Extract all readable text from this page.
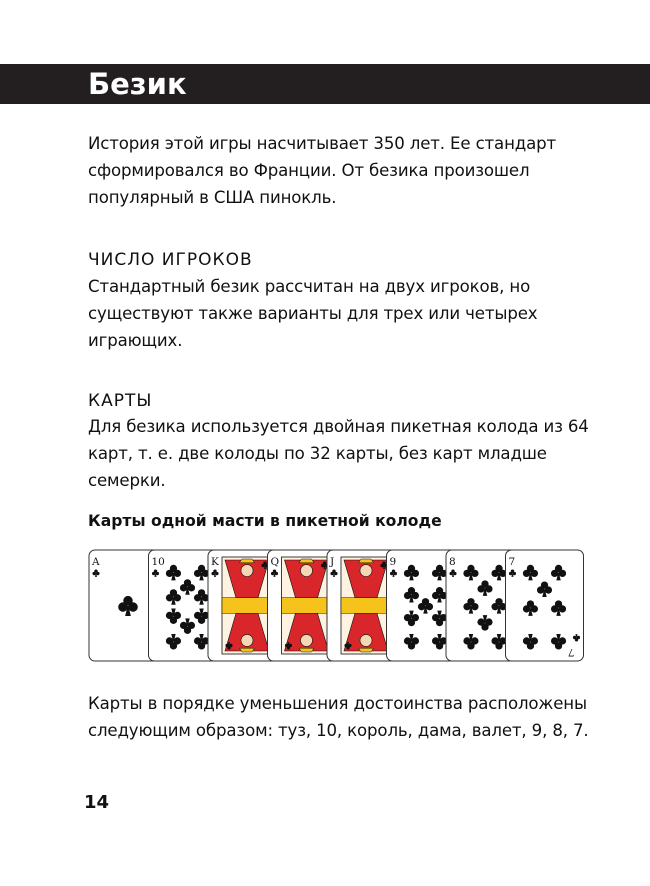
Безик

История этой игры насчитывает 350 лет. Ее стандарт сформировался во Франции. От безика произошел популярный в США пинокль.

ЧИСЛО ИГРОКОВ

Стандартный безик рассчитан на двух игроков, но существуют также варианты для трех или четырех играющих.

КАРТЫ

Для безика используется двойная пикетная колода из 64 карт, т. е. две колоды по 32 карты, без карт младше семерки.

Карты одной масти в пикетной колоде
A	10	K	Q	J	9	8	7
7

Карты в порядке уменьшения достоинства расположены следующим образом: туз, 10, король, дама, валет, 9, 8, 7.

14
